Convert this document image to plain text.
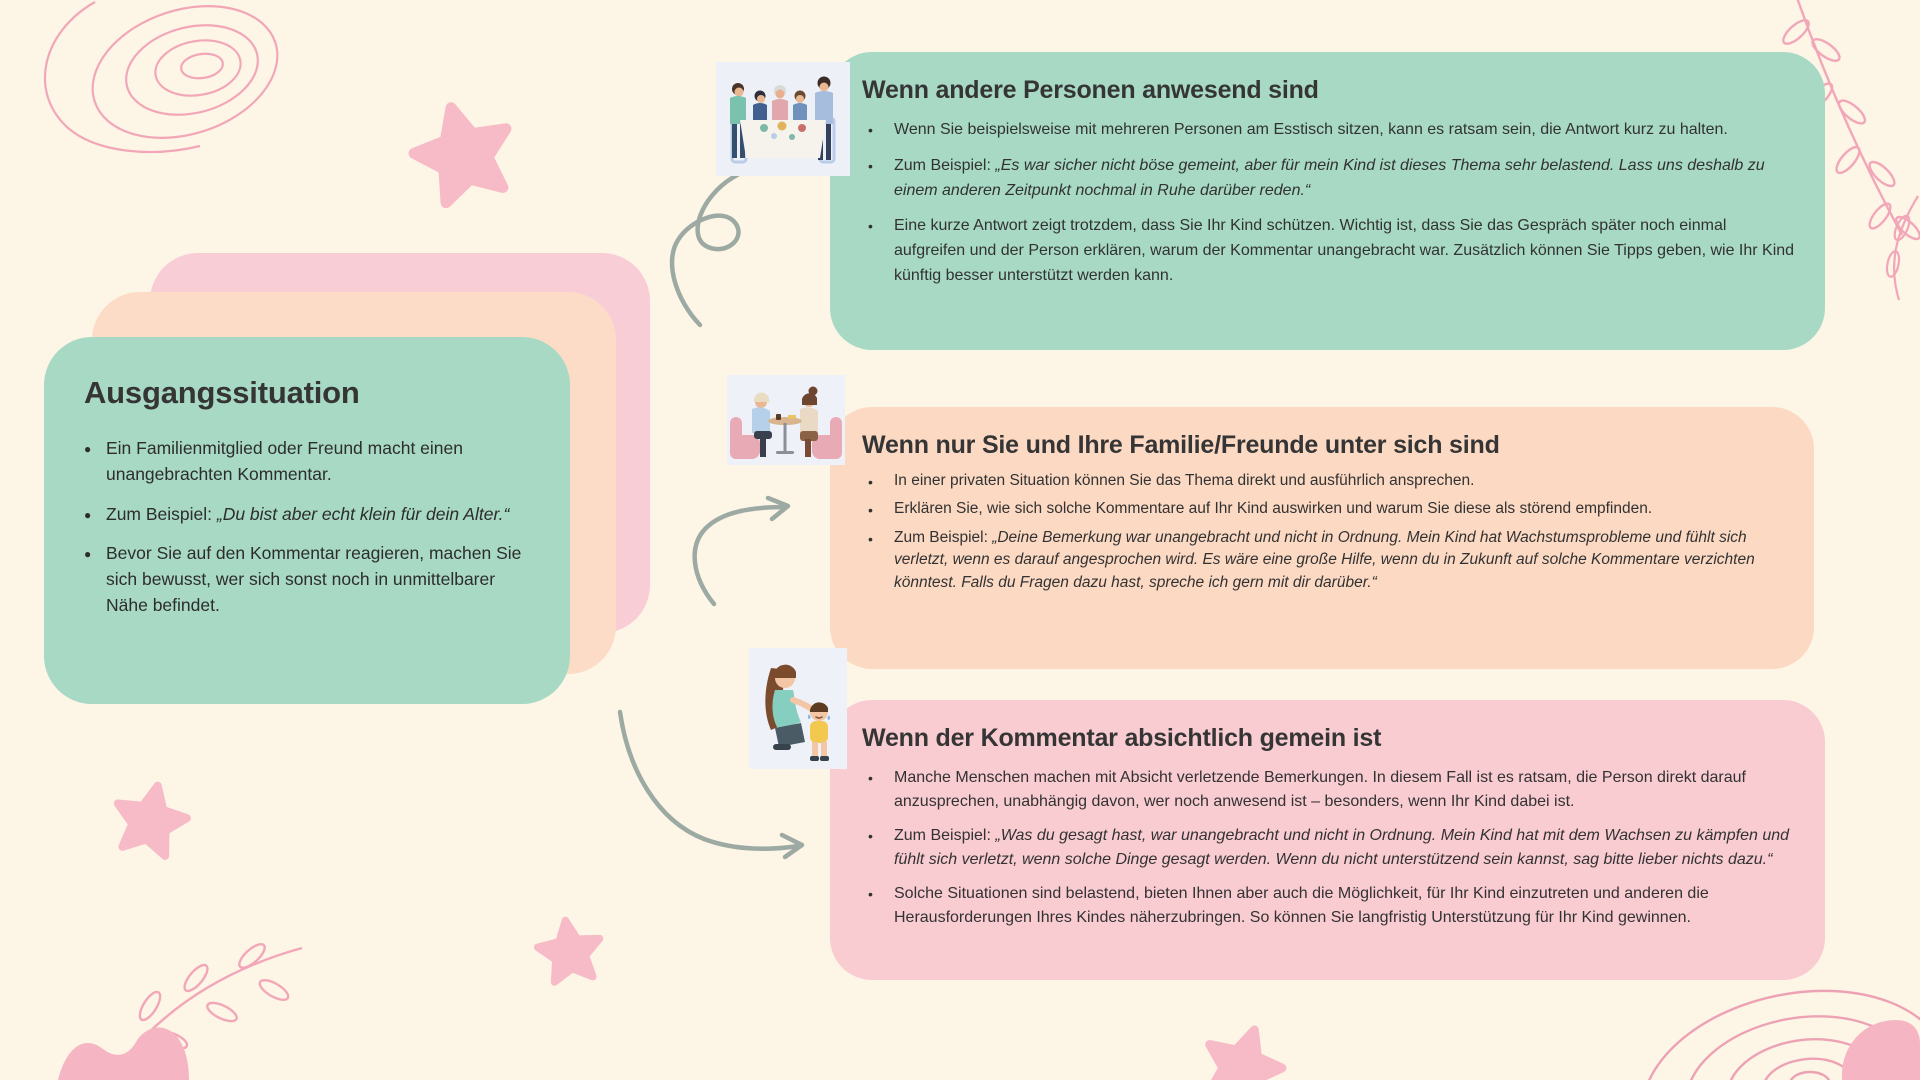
Ausgangssituation
● Ein Familienmitglied oder Freund macht einen unangebrachten Kommentar.
● Zum Beispiel: „Du bist aber echt klein für dein Alter.“
● Bevor Sie auf den Kommentar reagieren, machen Sie sich bewusst, wer sich sonst noch in unmittelbarer Nähe befindet.
Wenn andere Personen anwesend sind
•	Wenn Sie beispielsweise mit mehreren Personen am Esstisch sitzen, kann es ratsam sein, die Antwort kurz zu halten.
•	Zum Beispiel: „Es war sicher nicht böse gemeint, aber für mein Kind ist dieses Thema sehr belastend. Lass uns deshalb zu einem anderen Zeitpunkt nochmal in Ruhe darüber reden.“
•	Eine kurze Antwort zeigt trotzdem, dass Sie Ihr Kind schützen. Wichtig ist, dass Sie das Gespräch später noch einmal aufgreifen und der Person erklären, warum der Kommentar unangebracht war. Zusätzlich können Sie Tipps geben, wie Ihr Kind künftig besser unterstützt werden kann.
Wenn nur Sie und Ihre Familie/Freunde unter sich sind
•	In einer privaten Situation können Sie das Thema direkt und ausführlich ansprechen.
•	Erklären Sie, wie sich solche Kommentare auf Ihr Kind auswirken und warum Sie diese als störend empfinden.
•	Zum Beispiel: „Deine Bemerkung war unangebracht und nicht in Ordnung. Mein Kind hat Wachstumsprobleme und fühlt sich verletzt, wenn es darauf angesprochen wird. Es wäre eine große Hilfe, wenn du in Zukunft auf solche Kommentare verzichten könntest. Falls du Fragen dazu hast, spreche ich gern mit dir darüber.“
Wenn der Kommentar absichtlich gemein ist
•	Manche Menschen machen mit Absicht verletzende Bemerkungen. In diesem Fall ist es ratsam, die Person direkt darauf anzusprechen, unabhängig davon, wer noch anwesend ist – besonders, wenn Ihr Kind dabei ist.
•	Zum Beispiel: „Was du gesagt hast, war unangebracht und nicht in Ordnung. Mein Kind hat mit dem Wachsen zu kämpfen und fühlt sich verletzt, wenn solche Dinge gesagt werden. Wenn du nicht unterstützend sein kannst, sag bitte lieber nichts dazu.“
•	Solche Situationen sind belastend, bieten Ihnen aber auch die Möglichkeit, für Ihr Kind einzutreten und anderen die Herausforderungen Ihres Kindes näherzubringen. So können Sie langfristig Unterstützung für Ihr Kind gewinnen.
